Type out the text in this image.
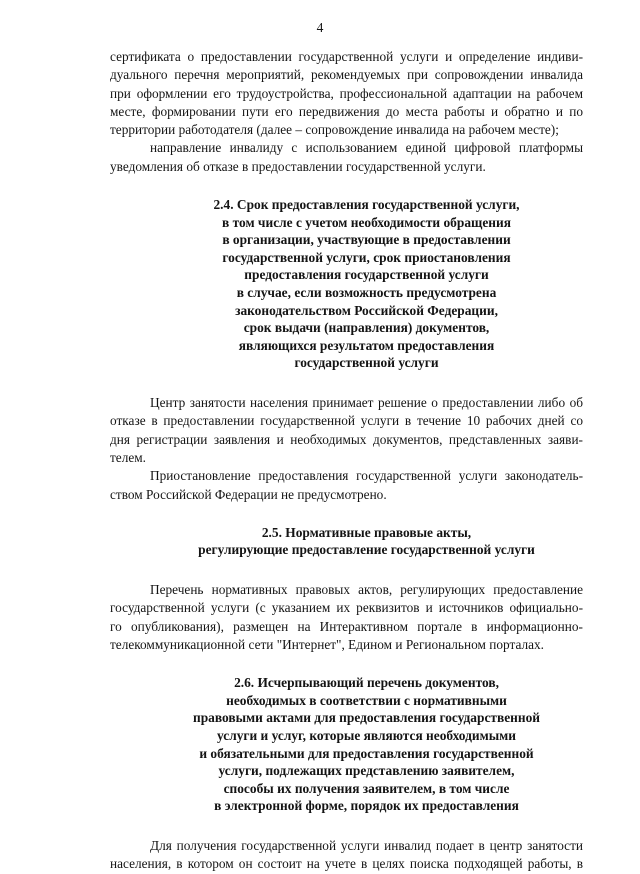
4
сертификата о предоставлении государственной услуги и определение индиви-
дуального перечня мероприятий, рекомендуемых при сопровождении инвалида
при оформлении его трудоустройства, профессиональной адаптации на рабочем
месте, формировании пути его передвижения до места работы и обратно и по
территории работодателя (далее – сопровождение инвалида на рабочем месте);
направление инвалиду с использованием единой цифровой платформы
уведомления об отказе в предоставлении государственной услуги.
2.4. Срок предоставления государственной услуги,
в том числе с учетом необходимости обращения
в организации, участвующие в предоставлении
государственной услуги, срок приостановления
предоставления государственной услуги
в случае, если возможность предусмотрена
законодательством Российской Федерации,
срок выдачи (направления) документов,
являющихся результатом предоставления
государственной услуги
Центр занятости населения принимает решение о предоставлении либо об
отказе в предоставлении государственной услуги в течение 10 рабочих дней со
дня регистрации заявления и необходимых документов, представленных заяви-
телем.
Приостановление предоставления государственной услуги законодатель-
ством Российской Федерации не предусмотрено.
2.5. Нормативные правовые акты,
регулирующие предоставление государственной услуги
Перечень нормативных правовых актов, регулирующих предоставление
государственной услуги (с указанием их реквизитов и источников официально-
го опубликования), размещен на Интерактивном портале в информационно-
телекоммуникационной сети "Интернет", Едином и Региональном порталах.
2.6. Исчерпывающий перечень документов,
необходимых в соответствии с нормативными
правовыми актами для предоставления государственной
услуги и услуг, которые являются необходимыми
и обязательными для предоставления государственной
услуги, подлежащих представлению заявителем,
способы их получения заявителем, в том числе
в электронной форме, порядок их предоставления
Для получения государственной услуги инвалид подает в центр занятости
населения, в котором он состоит на учете в целях поиска подходящей работы, в
